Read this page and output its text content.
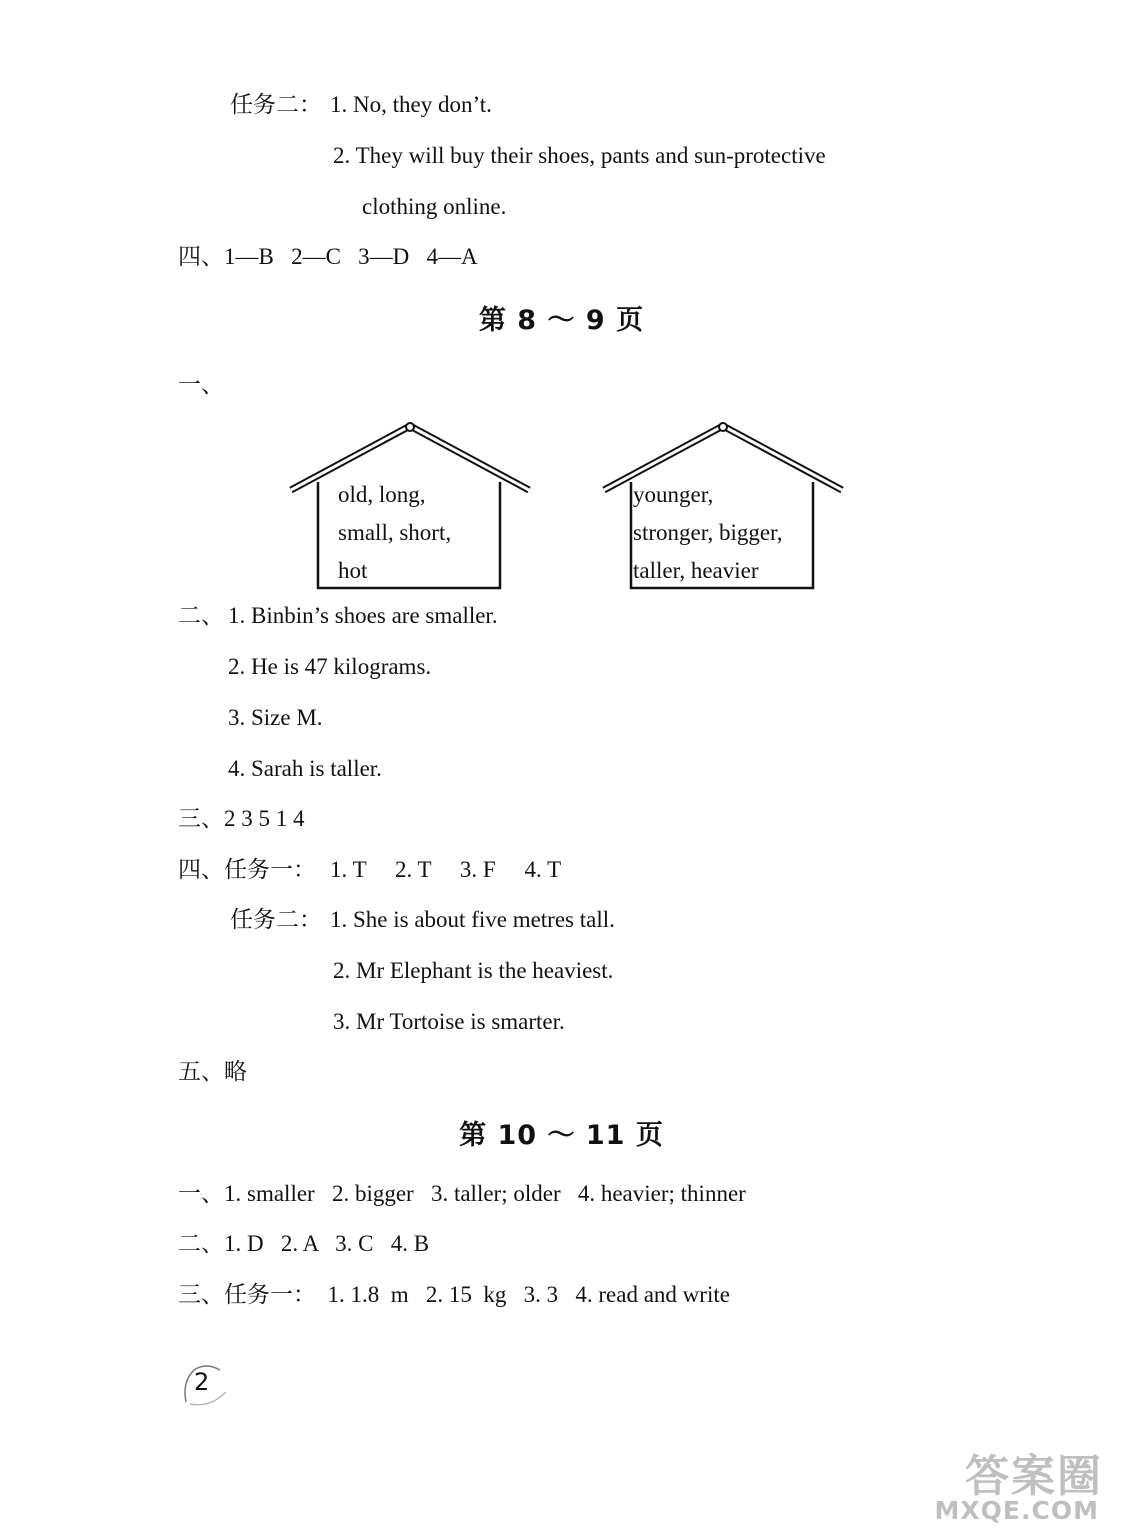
任务二： 1. No, they don’t.
2. They will buy their shoes, pants and sun-protective
clothing online.
四、1—B   2—C   3—D   4—A
第 8 ～ 9 页
一、
old, long,
small, short,
hot
younger,
stronger, bigger,
taller, heavier
二、 1. Binbin’s shoes are smaller.
2. He is 47 kilograms.
3. Size M.
4. Sarah is taller.
三、2 3 5 1 4
四、任务一： 1. T     2. T     3. F     4. T
任务二： 1. She is about five metres tall.
2. Mr Elephant is the heaviest.
3. Mr Tortoise is smarter.
五、略
第 10 ～ 11 页
一、1. smaller   2. bigger   3. taller; older   4. heavier; thinner
二、1. D   2. A   3. C   4. B
三、任务一：  1. 1.8  m   2. 15  kg   3. 3   4. read and write
2
答案圈
MXQE.COM
